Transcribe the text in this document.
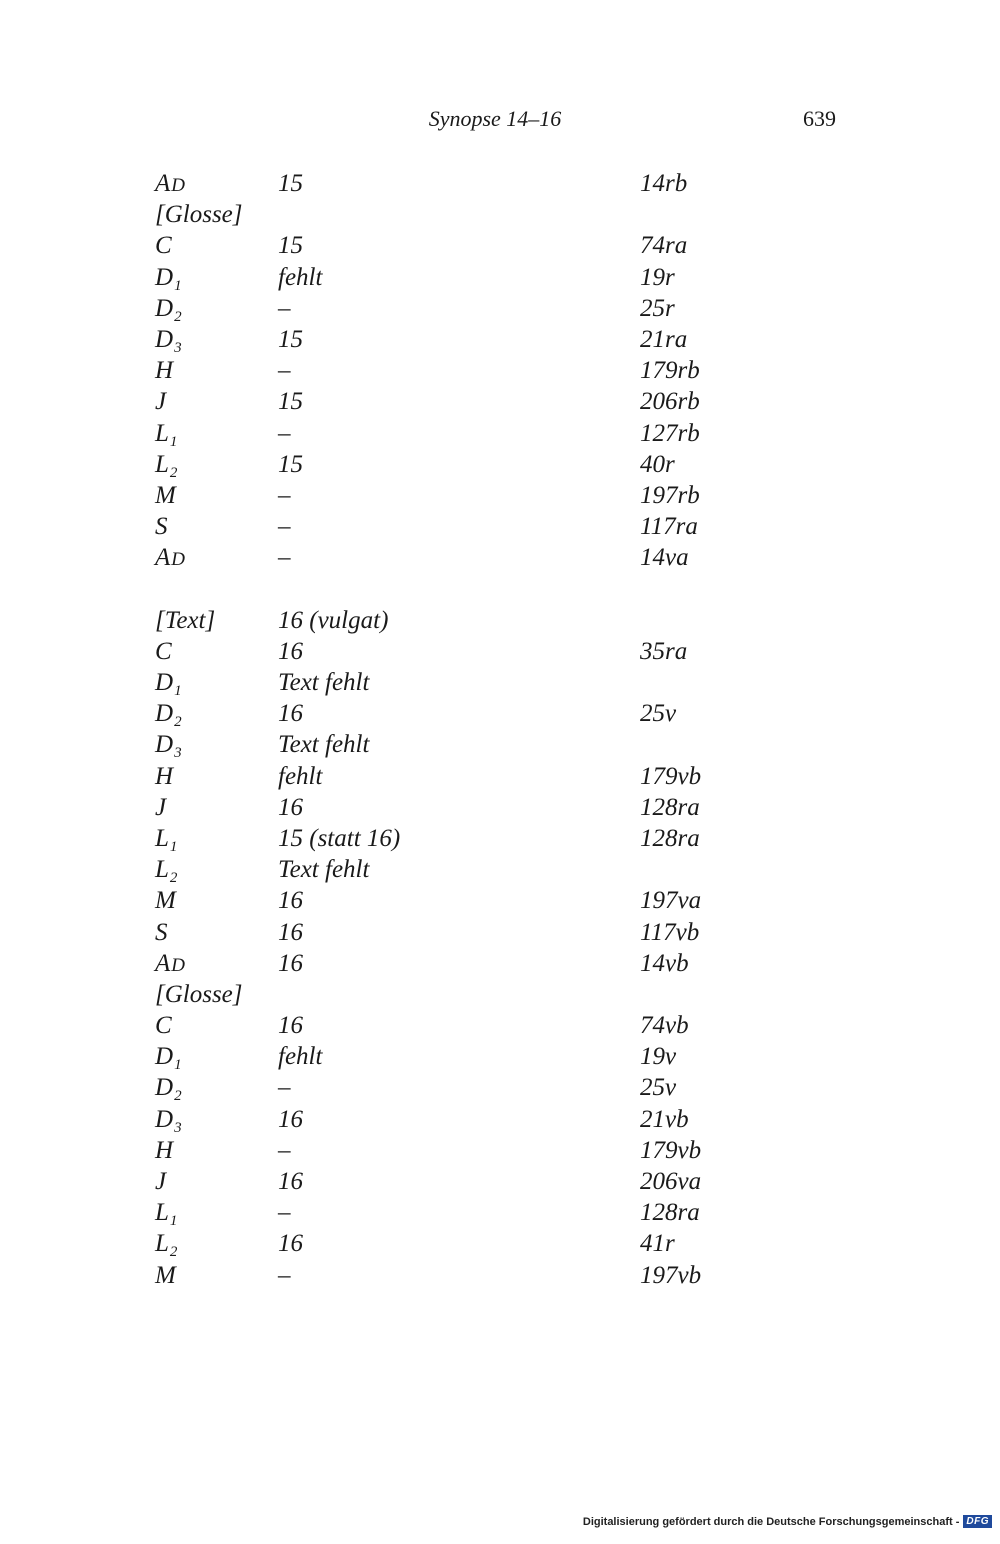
Synopse 14–16	639
AD	15	14rb
[Glosse]
C	15	74ra
$D_1$	fehlt	19r
$D_2$	–	25r
$D_3$	15	21ra
H	–	179rb
J	15	206rb
$L_1$	–	127rb
$L_2$	15	40r
M	–	197rb
S	–	117ra
AD	–	14va
[Text]	16 (vulgat)
C	16	35ra
$D_1$	Text fehlt
$D_2$	16	25v
$D_3$	Text fehlt
H	fehlt	179vb
J	16	128ra
$L_1$	15 (statt 16)	128ra
$L_2$	Text fehlt
M	16	197va
S	16	117vb
AD	16	14vb
[Glosse]
C	16	74vb
$D_1$	fehlt	19v
$D_2$	–	25v
$D_3$	16	21vb
H	–	179vb
J	16	206va
$L_1$	–	128ra
$L_2$	16	41r
M	–	197vb
Digitalisierung gefördert durch die Deutsche Forschungsgemeinschaft - DFG
